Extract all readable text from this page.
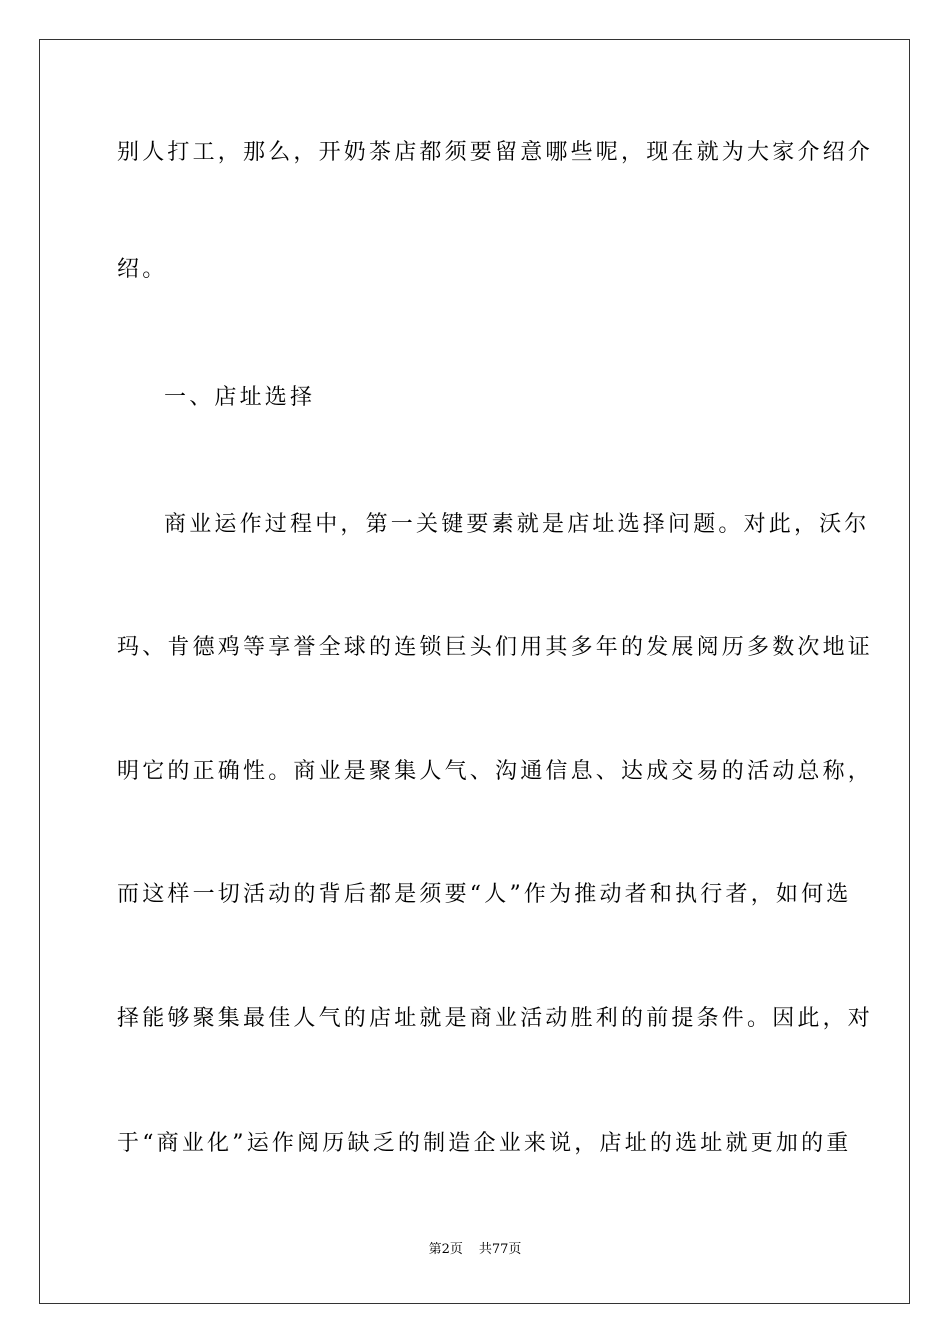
别人打工，那么，开奶茶店都须要留意哪些呢，现在就为大家介绍介
绍。
一、店址选择
商业运作过程中，第一关键要素就是店址选择问题。对此，沃尔
玛、肯德鸡等享誉全球的连锁巨头们用其多年的发展阅历多数次地证
明它的正确性。商业是聚集人气、沟通信息、达成交易的活动总称，
而这样一切活动的背后都是须要“人”作为推动者和执行者，如何选
择能够聚集最佳人气的店址就是商业活动胜利的前提条件。因此，对
于“商业化”运作阅历缺乏的制造企业来说，店址的选址就更加的重
第2页 共77页
